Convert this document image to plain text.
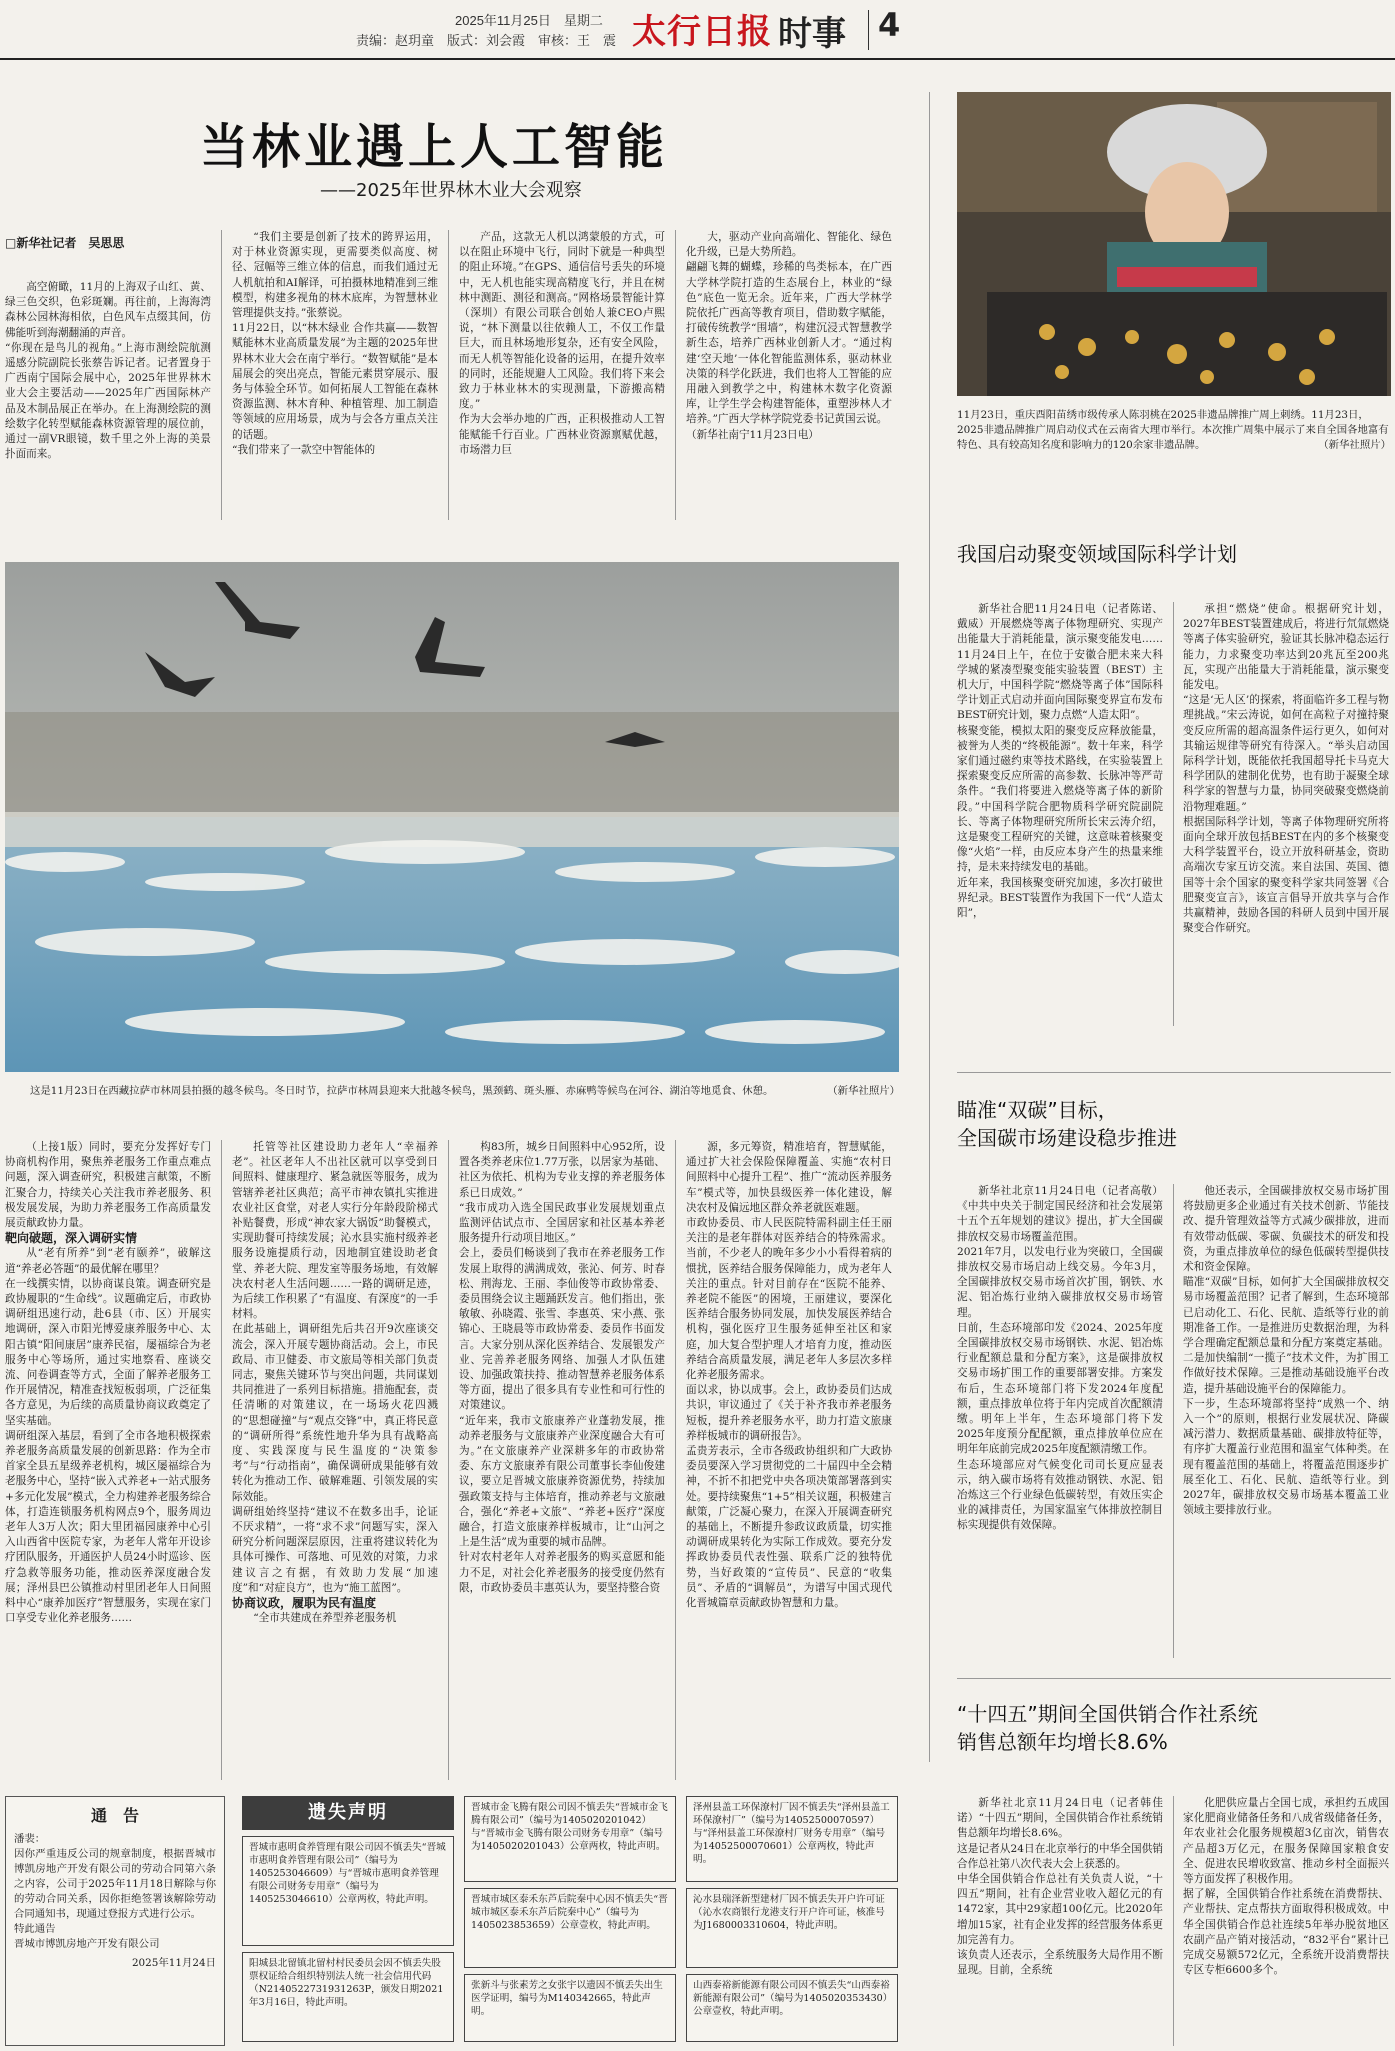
2025年11月25日　星期二
责编：赵玥童　版式：刘会霞　审核：王　震 太行日报 时事 4
当林业遇上人工智能
——2025年世界林木业大会观察
□新华社记者　吴思思

高空俯瞰，11月的上海双子山红、黄、绿三色交织，色彩斑斓。再往前，上海海湾森林公园林海相依，白色风车点缀其间，仿佛能听到海潮翻涌的声音。
“你现在是鸟儿的视角。”上海市测绘院航测遥感分院副院长张蔡告诉记者。记者置身于广西南宁国际会展中心，2025年世界林木业大会主要活动——2025年广西国际林产品及木制品展正在举办。在上海测绘院的测绘数字化转型赋能森林资源管理的展位前，通过一副VR眼镜，数千里之外上海的美景扑面而来。

“我们主要是创新了技术的跨界运用，对于林业资源实现，更需要类似高度、树径、冠幅等三维立体的信息，而我们通过无人机航拍和AI解译，可拍摄林地精准到三维模型，构建多视角的林木底库，为智慧林业管理提供支持。”张蔡说。
11月22日，以“林木绿业 合作共赢——数智赋能林木业高质量发展”为主题的2025年世界林木业大会在南宁举行。“数智赋能”是本届展会的突出亮点，智能元素贯穿展示、服务与体验全环节。如何拓展人工智能在森林资源监测、林木育种、种植管理、加工制造等领域的应用场景，成为与会各方重点关注的话题。
“我们带来了一款空中智能体的

产品，这款无人机以鸿蒙般的方式，可以在阻止环境中飞行，同时下就是一种典型的阻止环境。”在GPS、通信信号丢失的环境中，无人机也能实现高精度飞行，并且在树林中测距、测径和测高。”网格场景智能计算（深圳）有限公司联合创始人兼CEO卢熙说，“林下测量以往依赖人工，不仅工作量巨大，而且林场地形复杂，还有安全风险，而无人机等智能化设备的运用，在提升效率的同时，还能规避人工风险。我们将下来会致力于林业林木的实现测量，下游搬高精度。”
作为大会举办地的广西，正积极推动人工智能赋能千行百业。广西林业资源禀赋优越，市场潜力巨

大，驱动产业向高端化、智能化、绿色化升级，已是大势所趋。
翩翩飞舞的蝴蝶，珍稀的鸟类标本，在广西大学林学院打造的生态展台上，林业的“绿色”底色一览无余。近年来，广西大学林学院依托广西高等教育项目，借助数字赋能，打破传统教学“围墙”，构建沉浸式智慧教学新生态，培养广西林业创新人才。“通过构建‘空天地’一体化智能监测体系，驱动林业决策的科学化跃进，我们也将人工智能的应用融入到教学之中，构建林木数字化资源库，让学生学会构建智能体，重塑涉林人才培养。”广西大学林学院党委书记黄国云说。
（新华社南宁11月23日电）

这是11月23日在西藏拉萨市林周县拍摄的越冬候鸟。冬日时节，拉萨市林周县迎来大批越冬候鸟，黑颈鹤、斑头雁、赤麻鸭等候鸟在河谷、湖泊等地觅食、休憩。	（新华社照片）
11月23日，重庆酉阳苗绣市级传承人陈羽桃在2025非遗品牌推广周上刺绣。11月23日，2025非遗品牌推广周启动仪式在云南省大理市举行。本次推广周集中展示了来自全国各地富有特色、具有较高知名度和影响力的120余家非遗品牌。	（新华社照片）
我国启动聚变领域国际科学计划

新华社合肥11月24日电（记者陈诺、戴威）开展燃烧等离子体物理研究、实现产出能量大于消耗能量，演示聚变能发电……11月24日上午，在位于安徽合肥未来大科学城的紧凑型聚变能实验装置（BEST）主机大厅，中国科学院“燃烧等离子体”国际科学计划正式启动并面向国际聚变界宣布发布BEST研究计划，聚力点燃“人造太阳”。
核聚变能，模拟太阳的聚变反应释放能量，被誉为人类的“终极能源”。数十年来，科学家们通过磁约束等技术路线，在实验装置上探索聚变反应所需的高参数、长脉冲等严苛条件。“我们将要进入燃烧等离子体的新阶段。”中国科学院合肥物质科学研究院副院长、等离子体物理研究所所长宋云涛介绍，这是聚变工程研究的关键，这意味着核聚变像“火焰”一样，由反应本身产生的热量来维持，是未来持续发电的基础。
近年来，我国核聚变研究加速，多次打破世界纪录。BEST装置作为我国下一代“人造太阳”，

承担“燃烧”使命。根据研究计划，2027年BEST装置建成后，将进行氘氚燃烧等离子体实验研究，验证其长脉冲稳态运行能力，力求聚变功率达到20兆瓦至200兆瓦，实现产出能量大于消耗能量，演示聚变能发电。
“这是‘无人区’的探索，将面临许多工程与物理挑战。”宋云涛说，如何在高粒子对撞持聚变反应所需的超高温条件运行更久，如何对其输运规律等研究有待深入。“举头启动国际科学计划，既能依托我国超导托卡马克大科学团队的建制化优势，也有助于凝聚全球科学家的智慧与力量，协同突破聚变燃烧前沿物理难题。”
根据国际科学计划，等离子体物理研究所将面向全球开放包括BEST在内的多个核聚变大科学装置平台，设立开放科研基金，资助高端次专家互访交流。来自法国、英国、德国等十余个国家的聚变科学家共同签署《合肥聚变宣言》，该宣言倡导开放共享与合作共赢精神，鼓励各国的科研人员到中国开展聚变合作研究。

瞄准“双碳”目标，
全国碳市场建设稳步推进

新华社北京11月24日电（记者高敬）《中共中央关于制定国民经济和社会发展第十五个五年规划的建议》提出，扩大全国碳排放权交易市场覆盖范围。
2021年7月，以发电行业为突破口，全国碳排放权交易市场启动上线交易。今年3月，全国碳排放权交易市场首次扩围，钢铁、水泥、铝冶炼行业纳入碳排放权交易市场管理。
日前，生态环境部印发《2024、2025年度全国碳排放权交易市场钢铁、水泥、铝冶炼行业配额总量和分配方案》，这是碳排放权交易市场扩围工作的重要部署安排。方案发布后，生态环境部门将下发2024年度配额，重点排放单位将于年内完成首次配额清缴。明年上半年，生态环境部门将下发2025年度预分配配额，重点排放单位应在明年年底前完成2025年度配额清缴工作。
生态环境部应对气候变化司司长夏应显表示，纳入碳市场将有效推动钢铁、水泥、铝冶炼这三个行业绿色低碳转型，有效压实企业的减排责任，为国家温室气体排放控制目标实现提供有效保障。

他还表示，全国碳排放权交易市场扩围将鼓励更多企业通过有关技术创新、节能技改、提升管理效益等方式减少碳排放，进而有效带动低碳、零碳、负碳技术的研发和投资，为重点排放单位的绿色低碳转型提供技术和资金保障。
瞄准“双碳”目标，如何扩大全国碳排放权交易市场覆盖范围？记者了解到，生态环境部已启动化工、石化、民航、造纸等行业的前期准备工作。一是推进历史数据治理，为科学合理确定配额总量和分配方案奠定基础。二是加快编制“一揽子”技术文件，为扩围工作做好技术保障。三是推动基础设施平台改造，提升基础设施平台的保障能力。
下一步，生态环境部将坚持“成熟一个、纳入一个”的原则，根据行业发展状况、降碳减污潜力、数据质量基础、碳排放特征等，有序扩大覆盖行业范围和温室气体种类。在现有覆盖范围的基础上，将覆盖范围逐步扩展至化工、石化、民航、造纸等行业。到2027年，碳排放权交易市场基本覆盖工业领域主要排放行业。

“十四五”期间全国供销合作社系统
销售总额年均增长8.6%

新华社北京11月24日电（记者韩佳诺）“十四五”期间，全国供销合作社系统销售总额年均增长8.6%。
这是记者从24日在北京举行的中华全国供销合作总社第八次代表大会上获悉的。
中华全国供销合作总社有关负责人说，“十四五”期间，社有企业营业收入超亿元的有1472家，其中29家超100亿元。比2020年增加15家，社有企业发挥的经营服务体系更加完善有力。
该负责人还表示，全系统服务大局作用不断显现。目前，全系统

化肥供应量占全国七成，承担约五成国家化肥商业储备任务和八成省级储备任务，年农业社会化服务规模超3亿亩次，销售农产品超3万亿元，在服务保障国家粮食安全、促进农民增收致富、推动乡村全面振兴等方面发挥了积极作用。
据了解，全国供销合作社系统在消费帮扶、产业帮扶、定点帮扶方面取得积极成效。中华全国供销合作总社连续5年举办脱贫地区农副产品产销对接活动，“832平台”累计已完成交易额572亿元，全系统开设消费帮扶专区专柜6600多个。

（上接1版）同时，要充分发挥好专门协商机构作用，聚焦养老服务工作重点难点问题，深入调查研究，积极建言献策，不断汇聚合力，持续关心关注我市养老服务、积极发展发展，为助力养老服务工作高质量发展贡献政协力量。

靶向破题，深入调研实情

从“老有所养”到“老有颐养”，破解这道“养老必答题”的最优解在哪里？
在一线撰实情，以协商谋良策。调查研究是政协履职的“生命线”。议题确定后，市政协调研组迅速行动，赴6县（市、区）开展实地调研，深入市阳光博爱康养服务中心、太阳古镇“阳间康居”康养民宿，屡福综合为老服务中心等场所，通过实地察看、座谈交流、问卷调查等方式，全面了解养老服务工作开展情况，精准查找短板弱项，广泛征集各方意见，为后续的高质量协商议政奠定了坚实基础。
调研组深入基层，看到了全市各地积极探索养老服务高质量发展的创新思路：作为全市首家全县五星级养老机构，城区屡福综合为老服务中心，坚持“嵌入式养老+一站式服务+多元化发展”模式，全力构建养老服务综合体，打造连锁服务机构网点9个，服务周边老年人3万人次；阳大里团福园康养中心引入山西省中医院专家，为老年人常年开设诊疗团队服务，开通医护人员24小时巡诊、医疗急救等服务功能，推动医养深度融合发展；泽州县巴公镇推动村里团老年人日间照料中心“康养加医疗”智慧服务，实现在家门口享受专业化养老服务……

托管等社区建设助力老年人“幸福养老”。社区老年人不出社区就可以享受到日间照料、健康理疗、紧急就医等服务，成为管辖养老社区典范；高平市神农镇扎实推进农业社区食堂，对老人实行分年龄段阶梯式补贴餐费，形成“神农家大锅饭”助餐模式，实现助餐可持续发展；沁水县实施村级养老服务设施提质行动，因地制宜建设助老食堂、养老大院、理发室等服务场地，有效解决农村老人生活问题……一路的调研足迹，为后续工作积累了“有温度、有深度”的一手材料。
在此基础上，调研组先后共召开9次座谈交流会，深入开展专题协商活动。会上，市民政局、市卫健委、市文旅局等相关部门负责同志，聚焦关键环节与突出问题，共同谋划共同推进了一系列目标措施。措施配套，责任清晰的对策建议，在一场场火花四溅的“思想碰撞”与“观点交锋”中，真正将民意的“调研所得”系统性地升华为具有战略高度、实践深度与民生温度的“决策参考”与“行动指南”，确保调研成果能够有效转化为推动工作、破解难题、引领发展的实际效能。
调研组始终坚持“建议不在数多出手，论证不厌求精”，一将“求不求”问题写实，深入研究分析问题深层原因，注重将建议转化为具体可操作、可落地、可见效的对策，力求建议言之有据，有效助力发展“加速度”和“对症良方”，也为“施工蓝图”。

协商议政，履职为民有温度

“全市共建成在养型养老服务机

构83所，城乡日间照料中心952所，设置各类养老床位1.77万张，以居家为基础、社区为依托、机构为专业支撑的养老服务体系已日成效。”
“我市成功入选全国民政事业发展规划重点监测评估试点市、全国居家和社区基本养老服务提升行动项目地区。”
会上，委员们畅谈到了我市在养老服务工作发展上取得的满满成效，张沁、何芳、时春松、荆海龙、王丽、李仙俊等市政协常委、委员围绕会议主题踊跃发言。他们指出，张敏敏、孙晓霞、张雪、李惠英、宋小燕、张锦心、王晓晨等市政协常委、委员作书面发言。大家分别从深化医养结合、发展银发产业、完善养老服务网络、加强人才队伍建设、加强政策扶持、推动智慧养老服务体系等方面，提出了很多具有专业性和可行性的对策建议。
“近年来，我市文旅康养产业蓬勃发展，推动养老服务与文旅康养产业深度融合大有可为。”在文旅康养产业深耕多年的市政协常委、东方文旅康养有限公司董事长李仙俊建议，要立足晋城文旅康养资源优势，持续加强政策支持与主体培育，推动养老与文旅融合，强化“养老+文旅”、“养老+医疗”深度融合，打造文旅康养样板城市，让“山河之上是生活”成为重要的城市品牌。
针对农村老年人对养老服务的购买意愿和能力不足，对社会化养老服务的接受度仍然有限，市政协委员丰惠英认为，要坚持整合资

源，多元筹资，精准培育，智慧赋能，通过扩大社会保险保障覆盖、实施“农村日间照料中心提升工程”、推广“流动医养服务车”模式等，加快县级医养一体化建设，解决农村及偏远地区群众养老就医难题。
市政协委员、市人民医院特需科副主任王丽关注的是老年群体对医养结合的特殊需求。当前，不少老人的晚年多少小小看得着病的惯扰，医养结合服务保障能力，成为老年人关注的重点。针对目前存在“医院不能养、养老院不能医”的困境，王丽建议，要深化医养结合服务协同发展，加快发展医养结合机构，强化医疗卫生服务延伸至社区和家庭，加大复合型护理人才培育力度，推动医养结合高质量发展，满足老年人多层次多样化养老服务需求。
面以求，协以成事。会上，政协委员们达成共识，审议通过了《关于补齐我市养老服务短板，提升养老服务水平，助力打造文旅康养样板城市的调研报告》。
孟贵芳表示，全市各级政协组织和广大政协委员要深入学习贯彻党的二十届四中全会精神，不折不扣把党中央各项决策部署落到实处。要持续聚焦“1+5”相关议题，积极建言献策，广泛凝心聚力，在深入开展调查研究的基础上，不断提升参政议政质量，切实推动调研成果转化为实际工作成效。要充分发挥政协委员代表性强、联系广泛的独特优势，当好政策的“宣传员”、民意的“收集员”、矛盾的“调解员”，为谱写中国式现代化晋城篇章贡献政协智慧和力量。

通　告
潘裴：
因你严重违反公司的规章制度，根据晋城市博凯房地产开发有限公司的劳动合同第六条之内容，公司于2025年11月18日解除与你的劳动合同关系，因你拒绝签署该解除劳动合同通知书，现通过登报方式进行公示。
特此通告
晋城市博凯房地产开发有限公司
2025年11月24日
遗失声明
晋城市惠明食养管理有限公司因不慎丢失“晋城市惠明食养管理有限公司”（编号为1405253046609）与“晋城市惠明食养管理有限公司财务专用章”（编号为1405253046610）公章两枚，特此声明。
阳城县北留镇北留村村民委员会因不慎丢失股票权证给合组织特别法人统一社会信用代码（N2140522731931263P，颁发日期2021年3月16日，特此声明。
晋城市金飞腾有限公司因不慎丢失“晋城市金飞腾有限公司”（编号为1405020201042）与“晋城市金飞腾有限公司财务专用章”（编号为1405020201043）公章两枚，特此声明。
晋城市城区泰禾东芦后院秦中心因不慎丢失“晋城市城区泰禾东芦后院秦中心”（编号为1405023853659）公章壹枚，特此声明。
张新斗与张素芳之女张宇以遗因不慎丢失出生医学证明，编号为M140342665，特此声明。
泽州县盖工环保潦村厂因不慎丢失“泽州县盖工环保潦村厂”（编号为14052500070597）与“泽州县盖工环保潦村厂财务专用章”（编号为14052500070601）公章两枚，特此声明。
沁水县瑞泽新型建材厂因不慎丢失开户许可证（沁水农商银行龙港支行开户许可证，核准号为J1680003310604，特此声明。
山西泰裕新能源有限公司因不慎丢失“山西泰裕新能源有限公司”（编号为1405020353430）公章壹枚，特此声明。
